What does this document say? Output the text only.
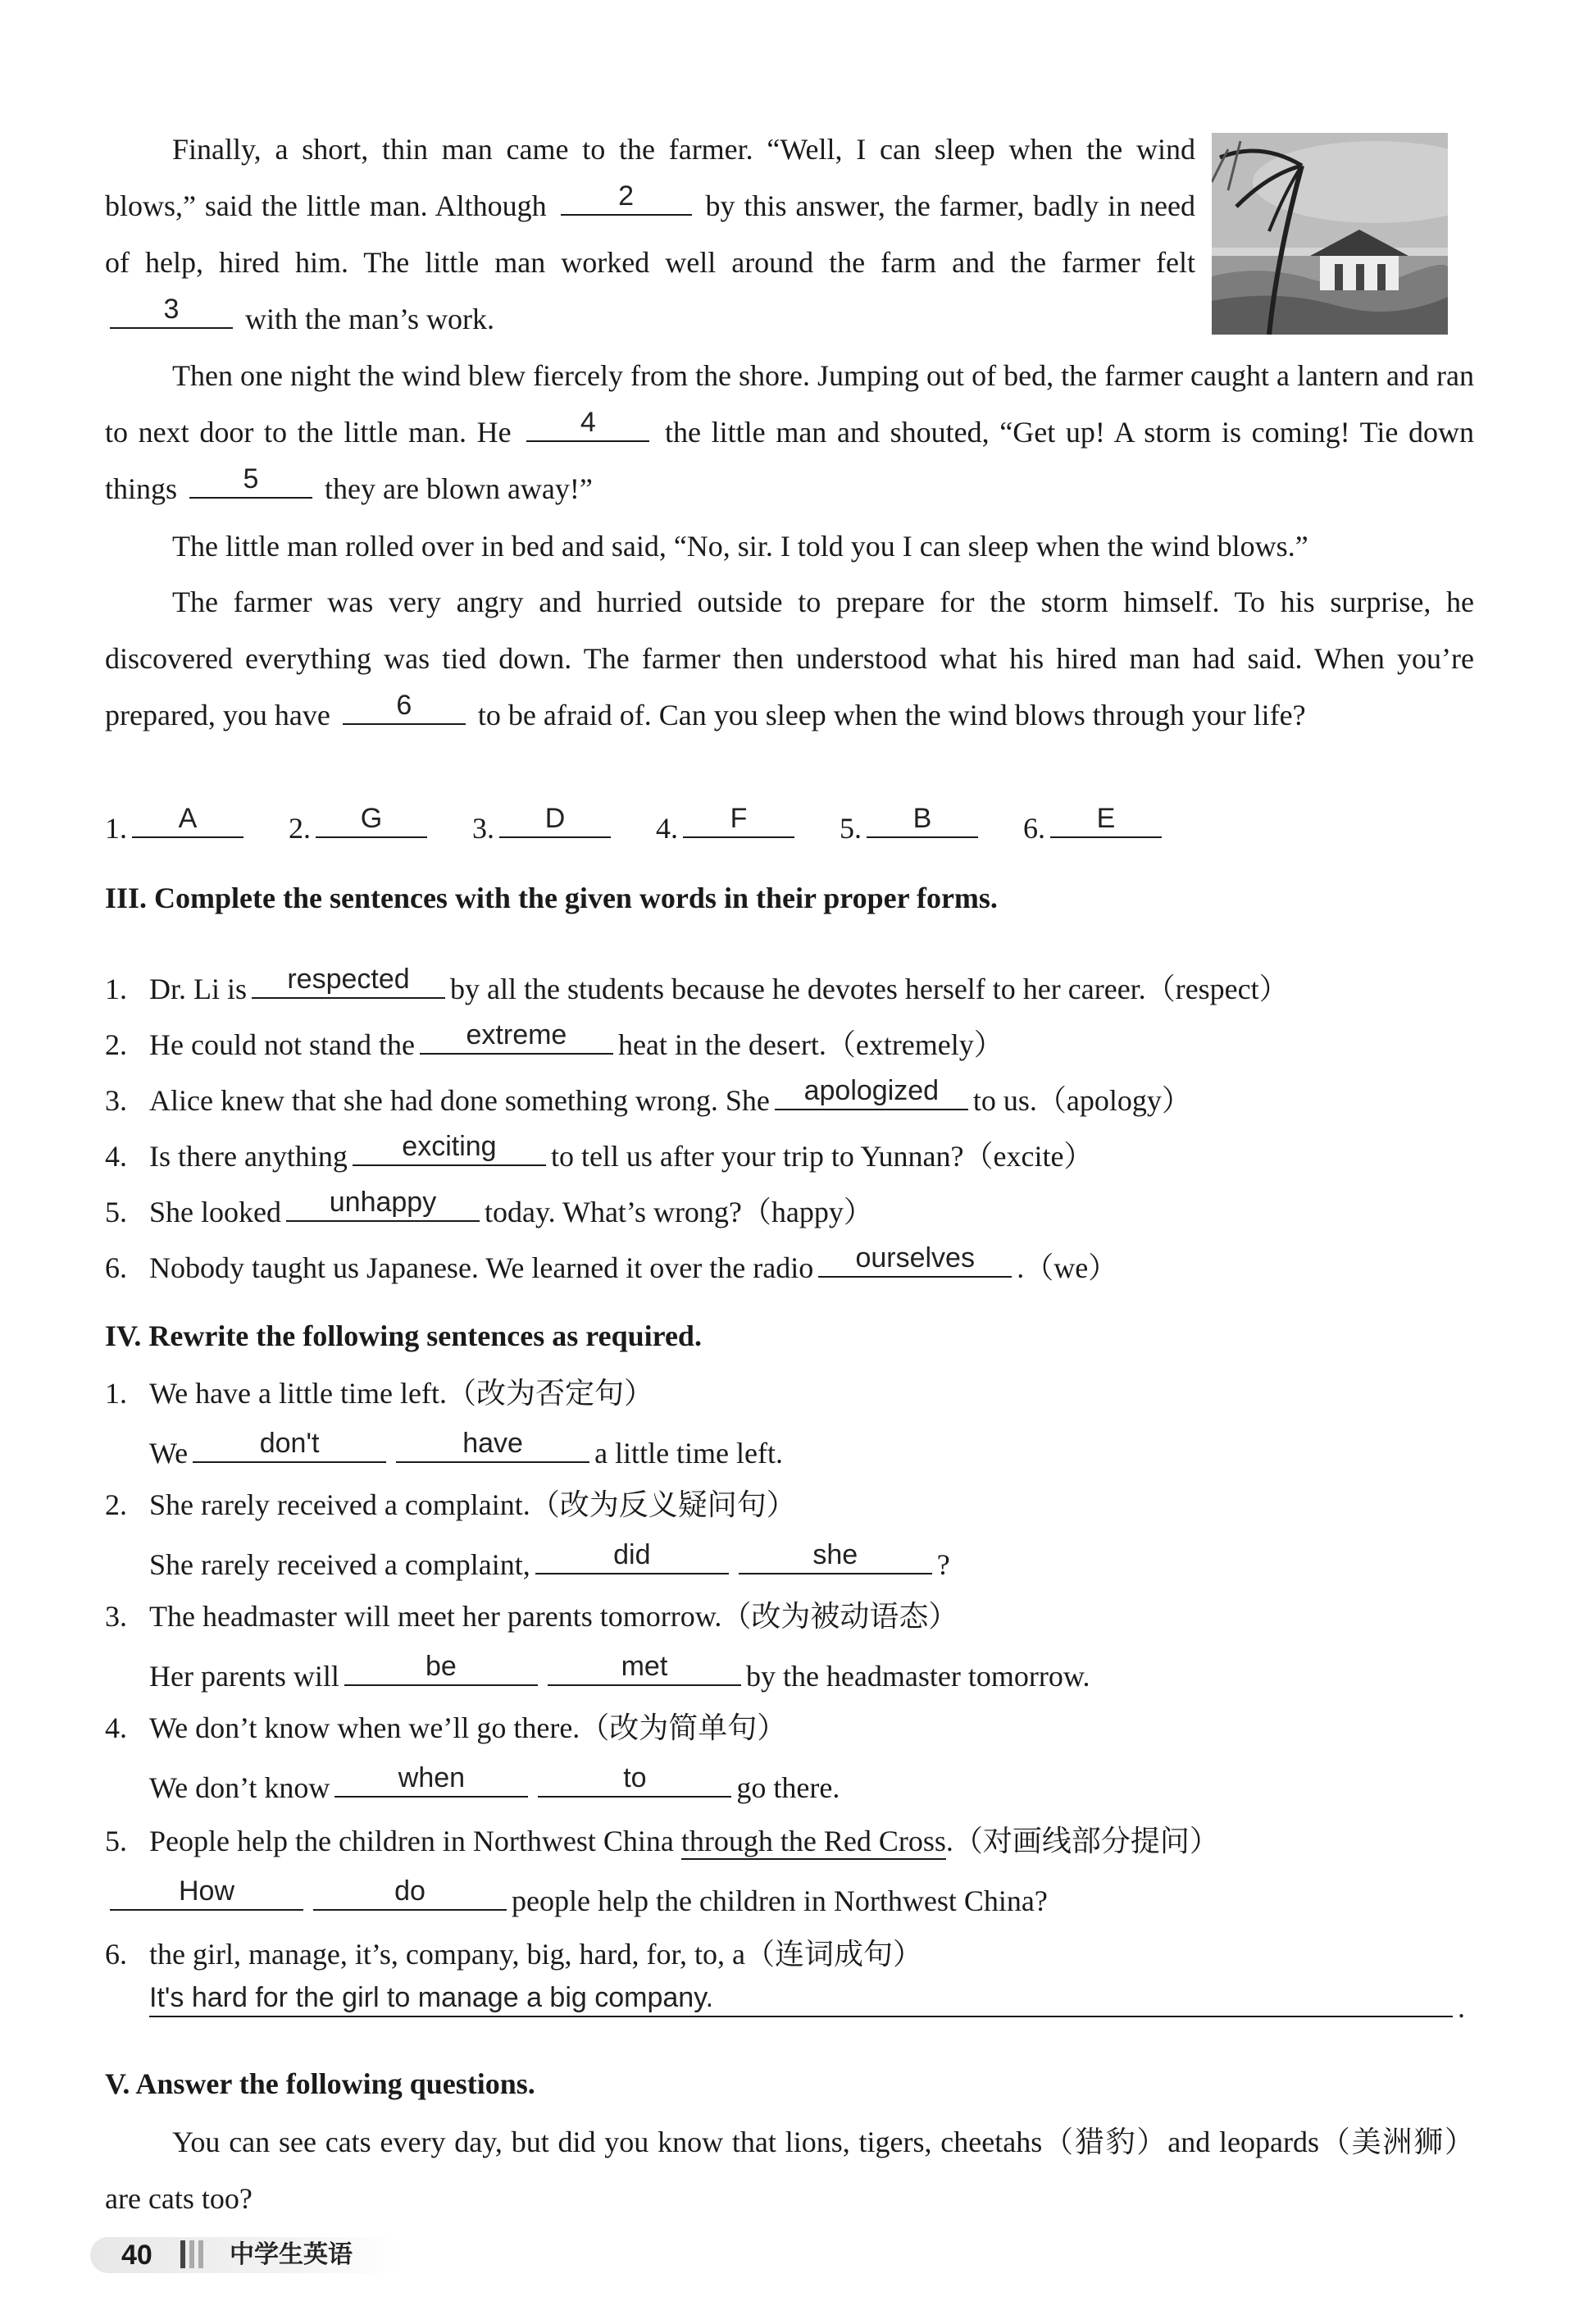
Finally, a short, thin man came to the farmer. “Well, I can sleep when the wind blows,” said the little man. Although	2	by this answer, the farmer, badly in need of help, hired him. The little man worked well around the farm and the farmer felt
3	with the man’s work.
Then one night the wind blew fiercely from the shore. Jumping out of bed, the farmer caught a lantern and ran to next door to the little man. He	4	the little man and shouted, “Get up! A storm is coming! Tie down things	5	they are blown away!”
The little man rolled over in bed and said, “No, sir. I told you I can sleep when the wind blows.”
The farmer was very angry and hurried outside to prepare for the storm himself. To his surprise, he discovered everything was tied down. The farmer then understood what his hired man had said. When you’re prepared, you have	6	to be afraid of. Can you sleep when the wind blows through your life?
1.	A	2.	G	3.	D	4.	F	5.	B	6.	E
III. Complete the sentences with the given words in their proper forms.
1. Dr. Li is	respected	by all the students because he devotes herself to her career.（respect）
2. He could not stand the	extreme	heat in the desert.（extremely）
3. Alice knew that she had done something wrong. She	apologized	to us.（apology）
4. Is there anything	exciting	to tell us after your trip to Yunnan?（excite）
5. She looked	unhappy	today. What’s wrong?（happy）
6. Nobody taught us Japanese. We learned it over the radio	ourselves	.（we）
IV. Rewrite the following sentences as required.
1. We have a little time left.（改为否定句）
We	don't	have	a little time left.
2. She rarely received a complaint.（改为反义疑问句）
She rarely received a complaint,	did	she	?
3. The headmaster will meet her parents tomorrow.（改为被动语态）
Her parents will	be	met	by the headmaster tomorrow.
4. We don’t know when we’ll go there.（改为简单句）
We don’t know	when	to	go there.
5. People help the children in Northwest China through the Red Cross.（对画线部分提问）
How	do	people help the children in Northwest China?
6. the girl, manage, it’s, company, big, hard, for, to, a（连词成句）
It's hard for the girl to manage a big company.	.
V. Answer the following questions.
You can see cats every day, but did you know that lions, tigers, cheetahs（猎豹）and leopards（美洲狮）are cats too?
40	中学生英语
